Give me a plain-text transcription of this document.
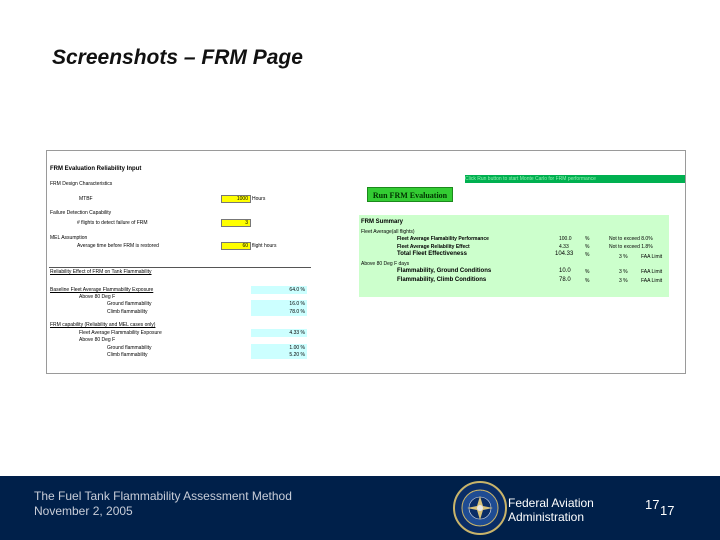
Screenshots – FRM Page
FRM Evaluation Reliability Input
FRM Design Characteristics
MTBF	1000 Hours
Failure Detection Capability
# flights to detect failure of FRM	3
MEL Assumption
Average time before FRM is restored	60 flight hours
Reliability Effect of FRM on Tank Flammability
Baseline Fleet Average Flammability Exposure	64.0 %
Above 80 Deg F
Ground flammability	16.0 %
Climb flammability	78.0 %
FRM capability (Reliability and MEL cases only)
Fleet Average Flammability Exposure	4.33 %
Above 80 Deg F
Ground flammability	1.00 %
Climb flammability	5.20 %
Click Run button to start Monte Carlo for FRM performance
Run FRM Evaluation
FRM Summary
Fleet Average(all flights)
Fleet Average Flamability Performance	100.0	%	Not to exceed 8.0%
Fleet Average Reliability Effect	4.33	%	Not to exceed 1.8%
Total Fleet Effectiveness	104.33 %	3 %	FAA Limit
Above 80 Deg F days
Flammability, Ground Conditions	10.0	%	3 %	FAA Limit
Flammability, Climb Conditions	78.0	%	3 %	FAA Limit
The Fuel Tank Flammability Assessment Method
November 2, 2005
Federal Aviation
Administration
17 17
